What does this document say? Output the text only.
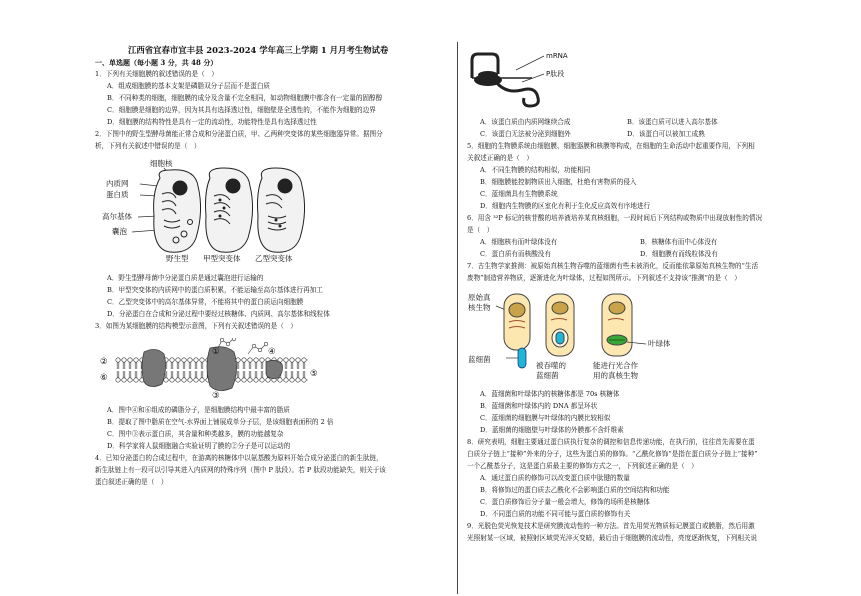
江西省宜春市宜丰县 2023-2024 学年高三上学期 1 月月考生物试卷
一、单选题（每小题 3 分，共 48 分）
1．下列有关细胞膜的叙述错误的是（　）
A．组成细胞膜的基本支架是磷脂双分子层而不是蛋白质
B．不同种类的细胞，细胞膜的成分及含量不完全相同，如动物细胞膜中都含有一定量的固醇醇
C．细胞膜是细胞的边界，因为其具有选择透过性，细胞壁是全透性的，不能作为细胞的边界
D．细胞膜的结构特性是具有一定的流动性，功能特性是具有选择透过性
2．下图中的野生型酵母菌能正常合成和分泌蛋白质，甲、乙两种突变体的某些细胞器异常。据图分
析，下列有关叙述中错误的是（　）
细胞核
内质网
蛋白质
高尔基体
囊泡
野生型 甲型突变体 乙型突变体
A．野生型酵母菌中分泌蛋白质是通过囊泡进行运输的
B．甲型突变体的内质网中的蛋白质积累，不能运输至高尔基体进行再加工
C．乙型突变体中的高尔基体异常，不能将其中的蛋白质运向细胞膜
D．分泌蛋白在合成和分泌过程中要经过核糖体、内质网、高尔基体和线粒体
3．如图为某细胞膜的结构模型示意图，下列有关叙述错误的是（　）
①
②
③
④
⑤
⑥
A．图中④和⑥组成的磷脂分子，是细胞膜结构中最丰富的脂质
B．提取了图中脂质在空气-水界面上铺展成单分子层，是该细胞表面积的 2 倍
C．图中③表示蛋白质，其含量和种类越多，膜的功能越复杂
D．科学家将人鼠细胞融合实验证明了膜的②分子是可以运动的
4．已知分泌蛋白的合成过程中，在游离的核糖体中以氨基酸为原料开始合成分泌蛋白的新生肽链，
新生肽链上有一段可以引导其进入内质网的特殊序列（图中 P 肽段）。若 P 肽段功能缺失，则关于该
蛋白叙述正确的是（　）
mRNA
P肽段
A．该蛋白质由内质网继续合成	B．该蛋白质可以进入高尔基体
C．该蛋白无法被分泌到细胞外	D．该蛋白可以被加工成熟
5．细胞的生物膜系统由细胞膜、细胞器膜和核膜等构成，在细胞的生命活动中起重要作用，下列相
关叙述正确的是（　）
A．不同生物膜的结构相似，功能相同
B．细胞膜能控制物质出入细胞，杜绝有害物质的侵入
C．蓝细菌具有生物膜系统
D．细胞内生物膜的区室化有利于生化反应高效有序地进行
6．用含 ³²P 标记的核苷酸的培养液培养某真核细胞，一段时间后下列结构或物质中出现放射性的情况
是（　）
A．细胞核有而叶绿体没有	B．核糖体有而中心体没有
C．蛋白质有而核酸没有	D．细胞膜有而线粒体没有
7．古生物学家推测：被原始真核生物吞噬的蓝细菌有些未被消化，反而能依靠原始真核生物的“生活
废物”制造营养物质，逐渐进化为叶绿体，过程如图所示。下列叙述不支持该“推测”的是（　）
原始真
核生物
蓝细菌
被吞噬的
蓝细菌
能进行光合作
用的真核生物
叶绿体
A．蓝细菌和叶绿体内的核糖体都是 70s 核糖体
B．蓝细菌和叶绿体内的 DNA 都呈环状
C．蓝细菌的细胞膜与叶绿体的内膜比较相似
D．蓝细菌的细胞壁与叶绿体的外膜都不含纤维素
8．研究表明，细胞主要通过蛋白质执行复杂的调控和信息传递功能，在执行前，往往首先需要在蛋
白质分子链上“接种”外来的分子，这些为蛋白质的修饰。“乙酰化修饰”是指在蛋白质分子链上“接种”
一个乙酰基分子，这是蛋白质最主要的修饰方式之一，下列叙述正确的是（　）
A．通过蛋白质的修饰可以改变蛋白质中肽键的数量
B．将修饰过的蛋白质去乙酰化不会影响蛋白质的空间结构和功能
C．蛋白质修饰后分子量一般会增大，修饰的场所是核糖体
D．不同蛋白质的功能不同可能与蛋白质的修饰有关
9．光脱色荧光恢复技术是研究膜流动性的一种方法。首先用荧光物质标记膜蛋白或膜脂，然后用激
光照射某一区域，被照射区域荧光淬灭变暗，最后由于细胞膜的流动性，亮度逐渐恢复，下列相关说
